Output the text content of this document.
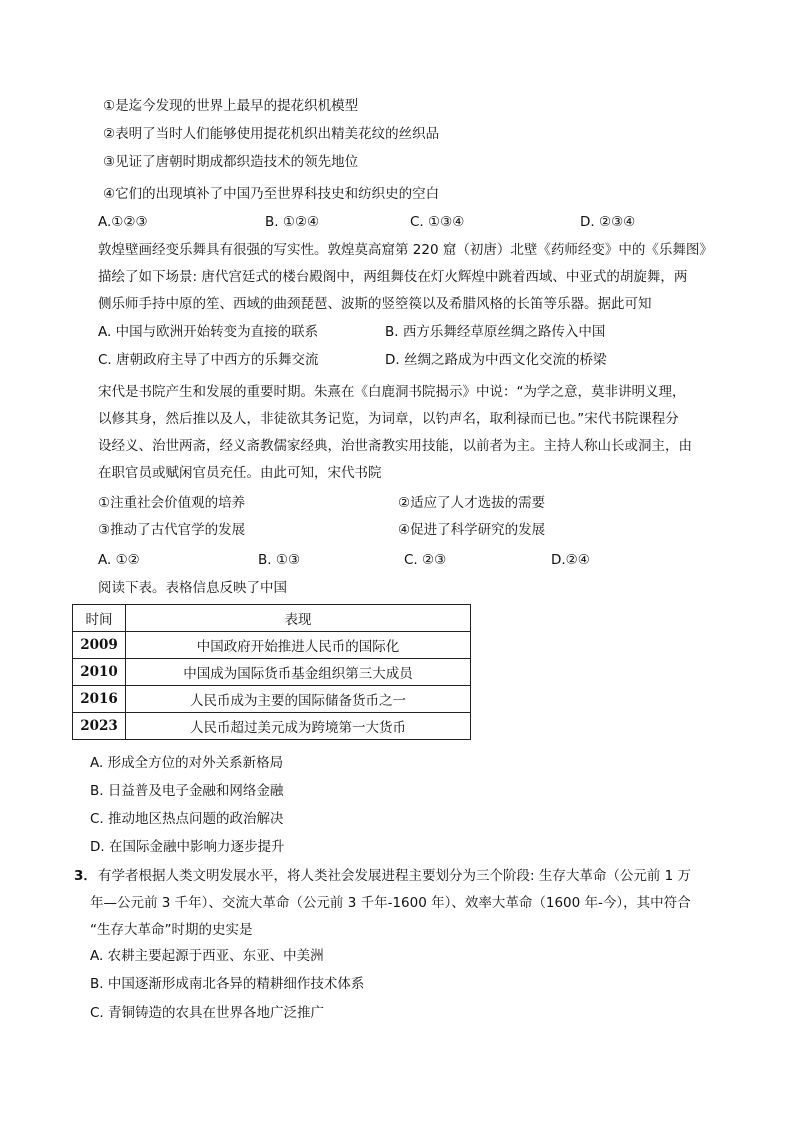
①是迄今发现的世界上最早的提花织机模型
②表明了当时人们能够使用提花机织出精美花纹的丝织品
③见证了唐朝时期成都织造技术的领先地位
④它们的出现填补了中国乃至世界科技史和纺织史的空白
A.①②③	B. ①②④	C. ①③④	D. ②③④
敦煌壁画经变乐舞具有很强的写实性。敦煌莫高窟第 220 窟（初唐）北壁《药师经变》中的《乐舞图》
描绘了如下场景: 唐代宫廷式的楼台殿阁中，两组舞伎在灯火辉煌中跳着西域、中亚式的胡旋舞，两
侧乐师手持中原的笙、西域的曲颈琵琶、波斯的竖箜篌以及希腊风格的长笛等乐器。据此可知
A. 中国与欧洲开始转变为直接的联系	B. 西方乐舞经草原丝绸之路传入中国
C. 唐朝政府主导了中西方的乐舞交流	D. 丝绸之路成为中西文化交流的桥梁
宋代是书院产生和发展的重要时期。朱熹在《白鹿洞书院揭示》中说：“为学之意，莫非讲明义理，
以修其身，然后推以及人，非徒欲其务记览，为词章，以钓声名，取利禄而已也。”宋代书院课程分
设经义、治世两斋，经义斋教儒家经典，治世斋教实用技能，以前者为主。主持人称山长或洞主，由
在职官员或赋闲官员充任。由此可知，宋代书院
①注重社会价值观的培养	②适应了人才选拔的需要
③推动了古代官学的发展	④促进了科学研究的发展
A. ①②	B. ①③	C. ②③	D.②④
阅读下表。表格信息反映了中国
时间	表现
2009	中国政府开始推进人民币的国际化
2010	中国成为国际货币基金组织第三大成员
2016	人民币成为主要的国际储备货币之一
2023	人民币超过美元成为跨境第一大货币
A. 形成全方位的对外关系新格局
B. 日益普及电子金融和网络金融
C. 推动地区热点问题的政治解决
D. 在国际金融中影响力逐步提升
3． 有学者根据人类文明发展水平，将人类社会发展进程主要划分为三个阶段: 生存大革命（公元前 1 万
年—公元前 3 千年）、交流大革命（公元前 3 千年-1600 年）、效率大革命（1600 年-今），其中符合
“生存大革命”时期的史实是
A. 农耕主要起源于西亚、东亚、中美洲
B. 中国逐渐形成南北各异的精耕细作技术体系
C. 青铜铸造的农具在世界各地广泛推广
